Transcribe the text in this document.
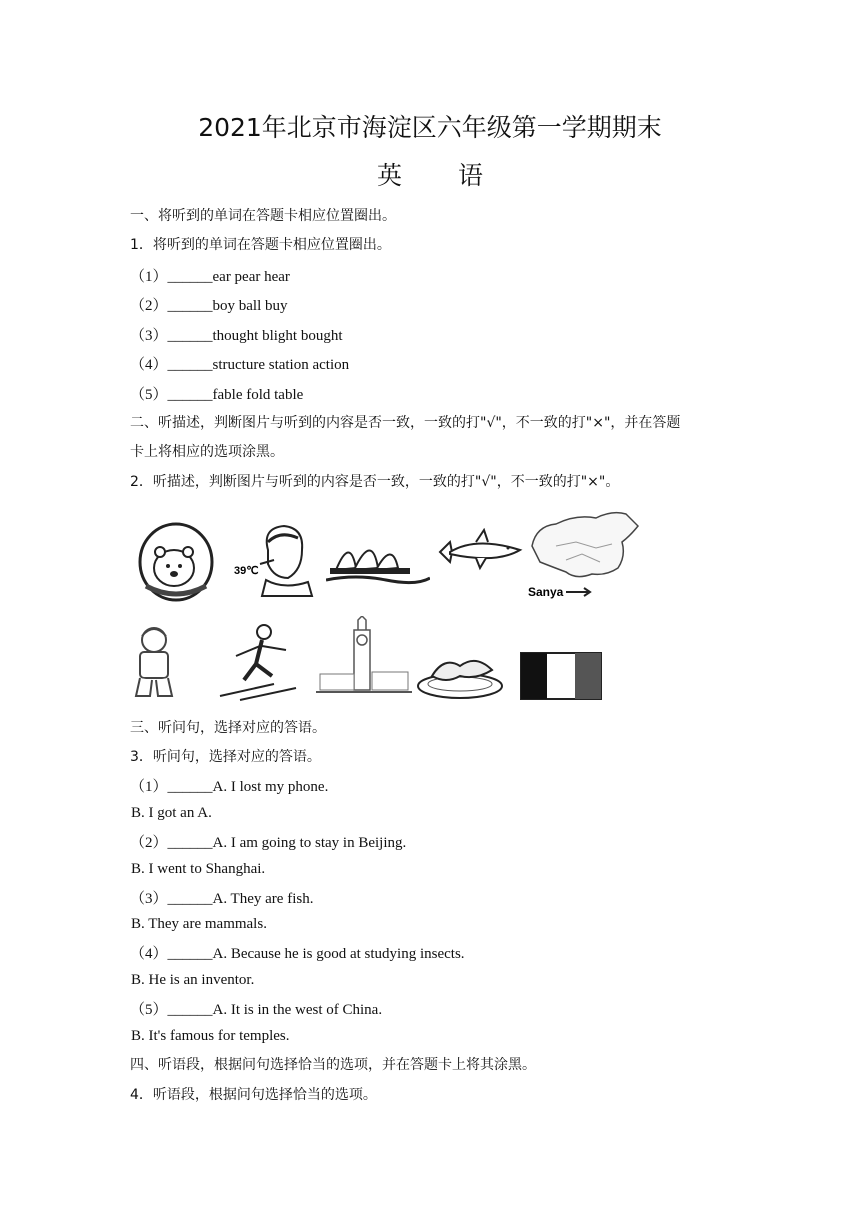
2021年北京市海淀区六年级第一学期期末
英 语
一、将听到的单词在答题卡相应位置圈出。
1．将听到的单词在答题卡相应位置圈出。
（1）______ear pear hear
（2）______boy ball buy
（3）______thought blight bought
（4）______structure station action
（5）______fable fold table
二、听描述，判断图片与听到的内容是否一致，一致的打"√"，不一致的打"×"，并在答题
卡上将相应的选项涂黑。
2．听描述，判断图片与听到的内容是否一致，一致的打"√"，不一致的打"×"。
39℃
Sanya
三、听问句，选择对应的答语。
3．听问句，选择对应的答语。
（1）______A. I lost my phone.
B. I got an A.
（2）______A. I am going to stay in Beijing.
B. I went to Shanghai.
（3）______A. They are fish.
B. They are mammals.
（4）______A. Because he is good at studying insects.
B. He is an inventor.
（5）______A. It is in the west of China.
B. It's famous for temples.
四、听语段，根据问句选择恰当的选项，并在答题卡上将其涂黑。
4．听语段，根据问句选择恰当的选项。
